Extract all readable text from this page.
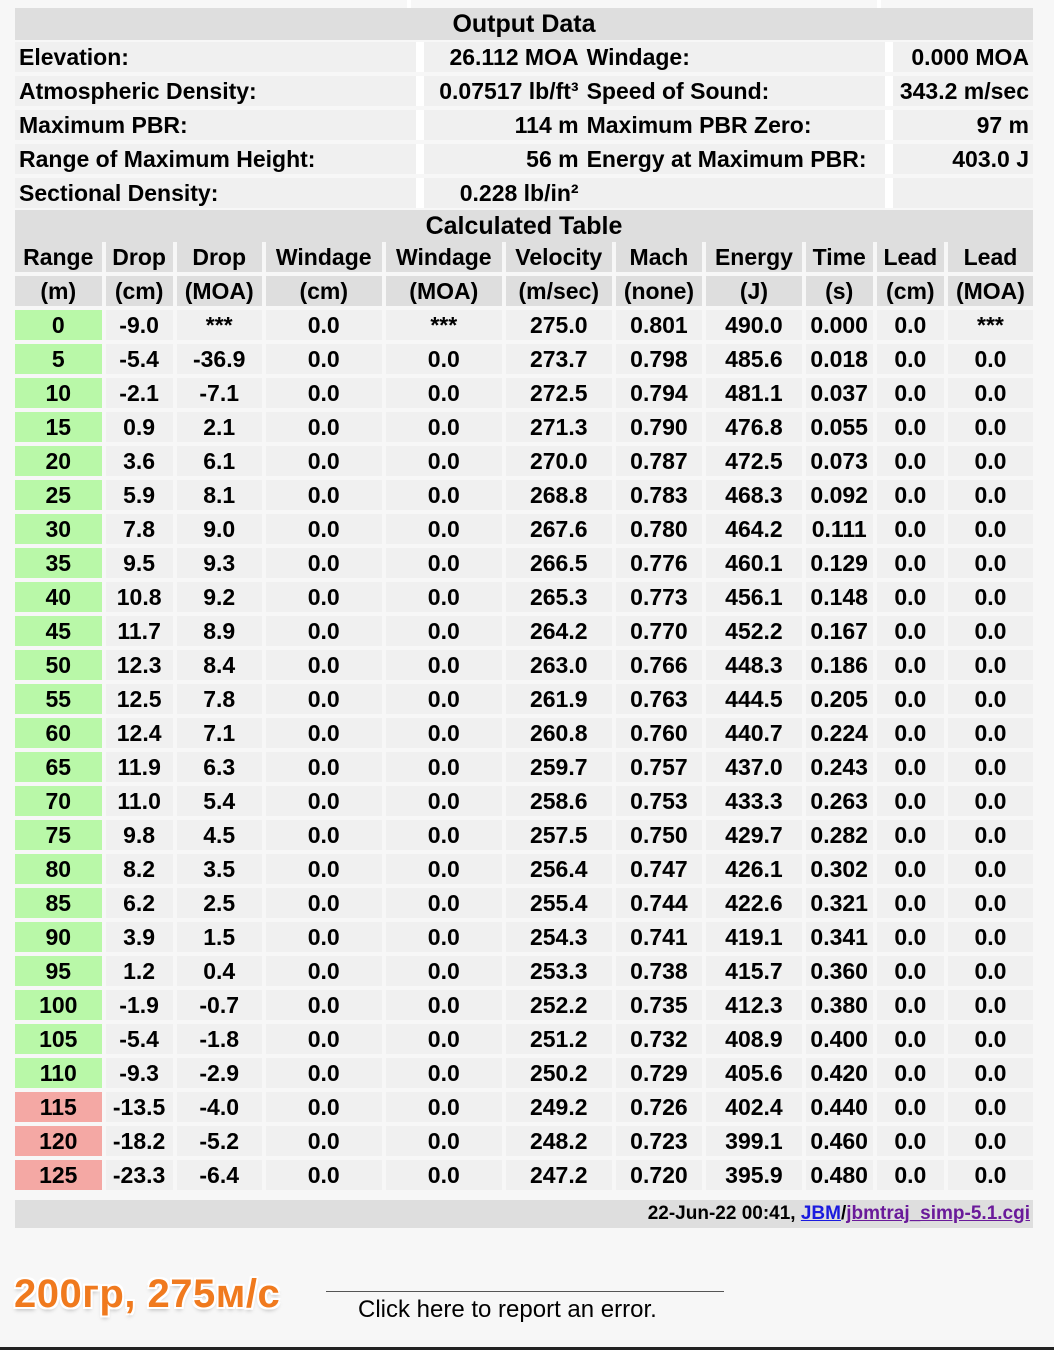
Output Data
Elevation:		26.112 MOA	Windage:		0.000 MOA
Atmospheric Density:		0.07517 lb/ft³	Speed of Sound:		343.2 m/sec
Maximum PBR:		114 m	Maximum PBR Zero:		97 m
Range of Maximum Height:		56 m	Energy at Maximum PBR:		403.0 J
Sectional Density:		0.228 lb/in²			
Calculated Table
Range	Drop	Drop	Windage	Windage	Velocity	Mach	Energy	Time	Lead	Lead
(m)	(cm)	(MOA)	(cm)	(MOA)	(m/sec)	(none)	(J)	(s)	(cm)	(MOA)
0	-9.0	***	0.0	***	275.0	0.801	490.0	0.000	0.0	***
5	-5.4	-36.9	0.0	0.0	273.7	0.798	485.6	0.018	0.0	0.0
10	-2.1	-7.1	0.0	0.0	272.5	0.794	481.1	0.037	0.0	0.0
15	0.9	2.1	0.0	0.0	271.3	0.790	476.8	0.055	0.0	0.0
20	3.6	6.1	0.0	0.0	270.0	0.787	472.5	0.073	0.0	0.0
25	5.9	8.1	0.0	0.0	268.8	0.783	468.3	0.092	0.0	0.0
30	7.8	9.0	0.0	0.0	267.6	0.780	464.2	0.111	0.0	0.0
35	9.5	9.3	0.0	0.0	266.5	0.776	460.1	0.129	0.0	0.0
40	10.8	9.2	0.0	0.0	265.3	0.773	456.1	0.148	0.0	0.0
45	11.7	8.9	0.0	0.0	264.2	0.770	452.2	0.167	0.0	0.0
50	12.3	8.4	0.0	0.0	263.0	0.766	448.3	0.186	0.0	0.0
55	12.5	7.8	0.0	0.0	261.9	0.763	444.5	0.205	0.0	0.0
60	12.4	7.1	0.0	0.0	260.8	0.760	440.7	0.224	0.0	0.0
65	11.9	6.3	0.0	0.0	259.7	0.757	437.0	0.243	0.0	0.0
70	11.0	5.4	0.0	0.0	258.6	0.753	433.3	0.263	0.0	0.0
75	9.8	4.5	0.0	0.0	257.5	0.750	429.7	0.282	0.0	0.0
80	8.2	3.5	0.0	0.0	256.4	0.747	426.1	0.302	0.0	0.0
85	6.2	2.5	0.0	0.0	255.4	0.744	422.6	0.321	0.0	0.0
90	3.9	1.5	0.0	0.0	254.3	0.741	419.1	0.341	0.0	0.0
95	1.2	0.4	0.0	0.0	253.3	0.738	415.7	0.360	0.0	0.0
100	-1.9	-0.7	0.0	0.0	252.2	0.735	412.3	0.380	0.0	0.0
105	-5.4	-1.8	0.0	0.0	251.2	0.732	408.9	0.400	0.0	0.0
110	-9.3	-2.9	0.0	0.0	250.2	0.729	405.6	0.420	0.0	0.0
115	-13.5	-4.0	0.0	0.0	249.2	0.726	402.4	0.440	0.0	0.0
120	-18.2	-5.2	0.0	0.0	248.2	0.723	399.1	0.460	0.0	0.0
125	-23.3	-6.4	0.0	0.0	247.2	0.720	395.9	0.480	0.0	0.0
22-Jun-22 00:41, JBM/jbmtraj_simp-5.1.cgi
200гр, 275м/с	Click here to report an error.
